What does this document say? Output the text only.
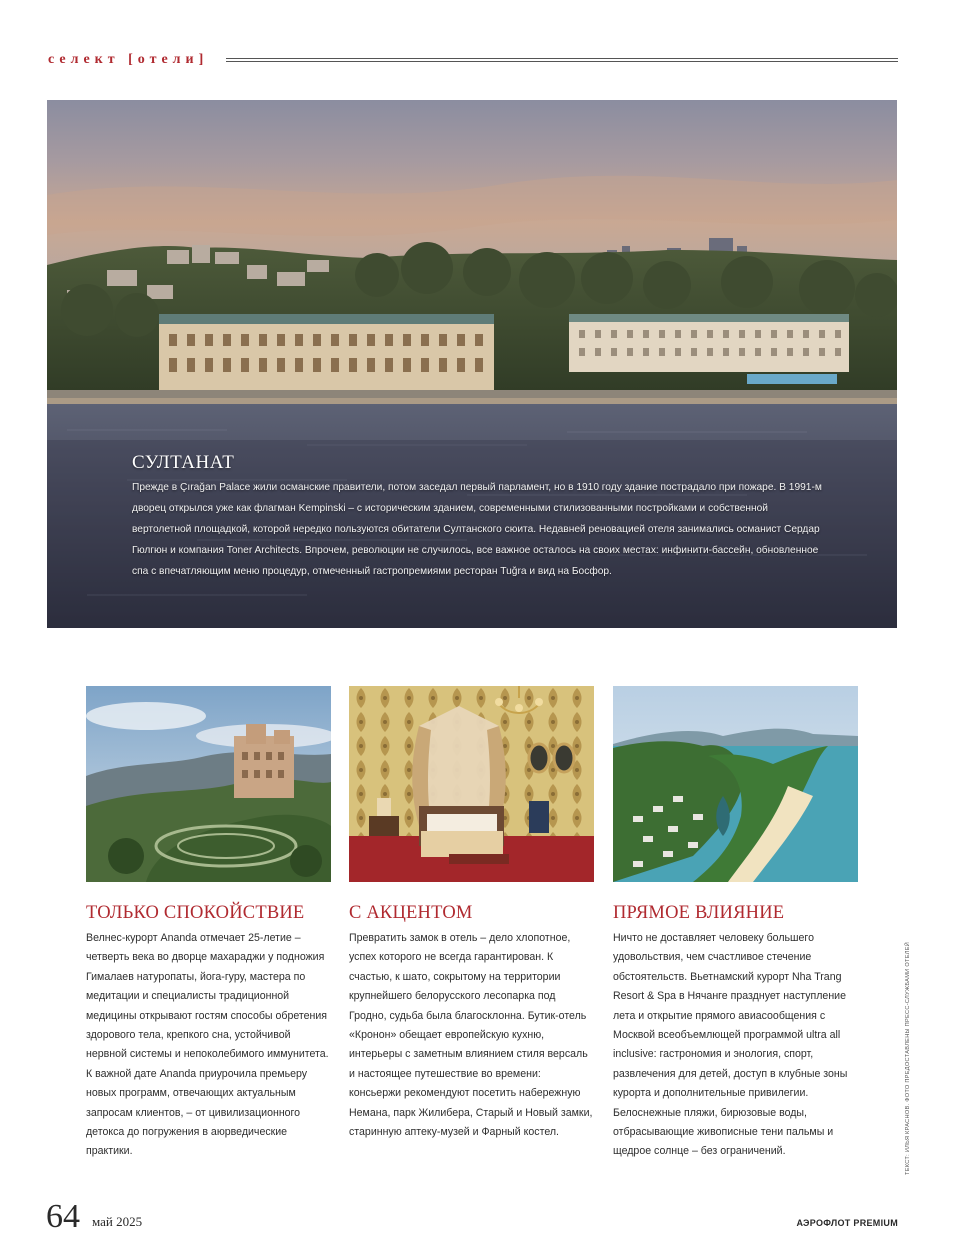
селект [отели]
СУЛТАНАТ

Прежде в Çırağan Palace жили османские правители, потом заседал первый парламент, но в 1910 году здание пострадало при пожаре. В 1991-м дворец открылся уже как флагман Kempinski – с историческим зданием, современными стилизованными постройками и собственной вертолетной площадкой, которой нередко пользуются обитатели Султанского сюита. Недавней реновацией отеля занимались османист Сердар Гюлгюн и компания Toner Architects. Впрочем, революции не случилось, все важное осталось на своих местах: инфинити-бассейн, обновленное спа с впечатляющим меню процедур, отмеченный гастропремиями ресторан Tuğra и вид на Босфор.

ТОЛЬКО СПОКОЙСТВИЕ

Велнес-курорт Ananda отмечает 25-летие – четверть века во дворце махараджи у подножия Гималаев натуропаты, йога-гуру, мастера по медитации и специалисты традиционной медицины открывают гостям способы обретения здорового тела, крепкого сна, устойчивой нервной системы и непоколебимого иммунитета. К важной дате Ananda приурочила премьеру новых программ, отвечающих актуальным запросам клиентов, – от цивилизационного детокса до погружения в аюрведические практики.

С АКЦЕНТОМ

Превратить замок в отель – дело хлопотное, успех которого не всегда гарантирован. К счастью, к шато, сокрытому на территории крупнейшего белорусского лесопарка под Гродно, судьба была благосклонна. Бутик-отель «Кронон» обещает европейскую кухню, интерьеры с заметным влиянием стиля версаль и настоящее путешествие во времени: консьержи рекомендуют посетить набережную Немана, парк Жилибера, Старый и Новый замки, старинную аптеку-музей и Фарный костел.

ПРЯМОЕ ВЛИЯНИЕ

Ничто не доставляет человеку большего удовольствия, чем счастливое стечение обстоятельств. Вьетнамский курорт Nha Trang Resort & Spa в Нячанге празднует наступление лета и открытие прямого авиасообщения с Москвой всеобъемлющей программой ultra all inclusive: гастрономия и энология, спорт, развлечения для детей, доступ в клубные зоны курорта и дополнительные привилегии. Белоснежные пляжи, бирюзовые воды, отбрасывающие живописные тени пальмы и щедрое солнце – без ограничений.	ТЕКСТ: ИЛЬЯ КРАСНОВ. ФОТО ПРЕДОСТАВЛЕНЫ ПРЕСС-СЛУЖБАМИ ОТЕЛЕЙ
64 май 2025	АЭРОФЛОТ PREMIUM
